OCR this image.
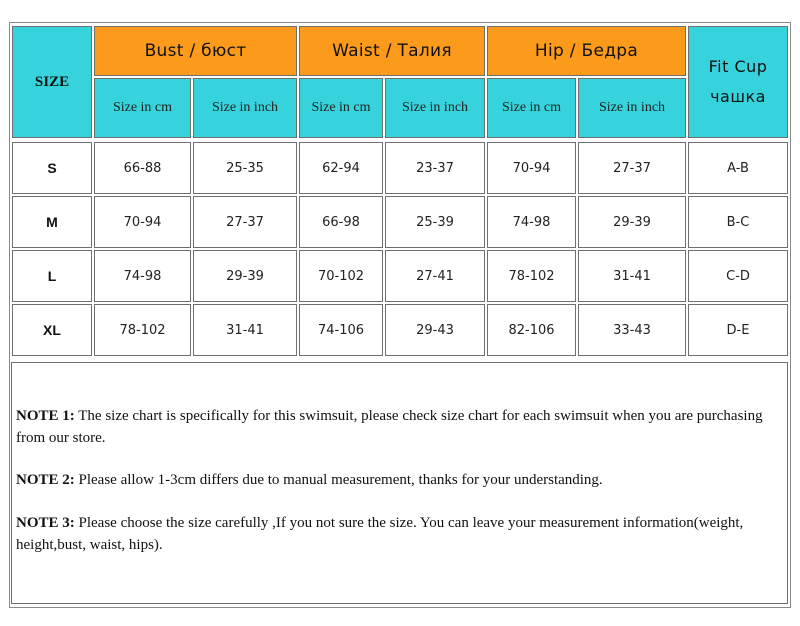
SIZE
Bust / бюст	Waist / Талия	Hip / Бедра
Fit Cup
чашка
Size in cm	Size in inch	Size in cm	Size in inch	Size in cm	Size in inch
S	66-88	25-35	62-94	23-37	70-94	27-37	A-B
M	70-94	27-37	66-98	25-39	74-98	29-39	B-C
L	74-98	29-39	70-102	27-41	78-102	31-41	C-D
XL	78-102	31-41	74-106	29-43	82-106	33-43	D-E
NOTE 1: The size chart is specifically for this swimsuit, please check size chart for each swimsuit when you are purchasing from our store.
NOTE 2: Please allow 1-3cm differs due to manual measurement, thanks for your understanding.
NOTE 3: Please choose the size carefully ,If you not sure the size. You can leave your measurement information(weight, height,bust, waist, hips).
